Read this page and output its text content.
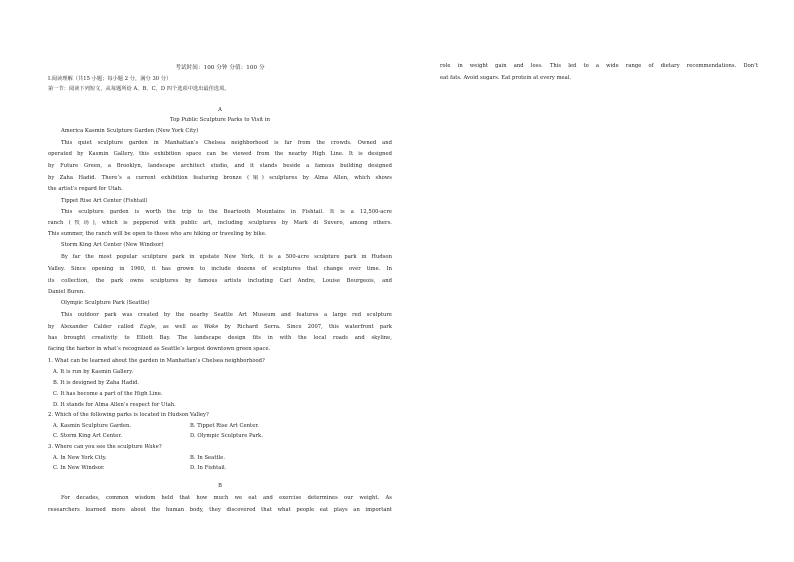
考试时间：100 分钟 分值：100 分
Ⅰ.阅读理解（共15 小题；每小题 2 分，满分 30 分）
第一节：阅读下列短文，从每题所给 A、B、C、D 四个选项中选出最佳选项。
A
Top Public Sculpture Parks to Visit in
America Kasmin Sculpture Garden (New York City)
This quiet sculpture garden in Manhattan’s Chelsea neighborhood is far from the crowds. Owned and
operated by Kasmin Gallery, this exhibition space can be viewed from the nearby High Line. It is designed
by Future Green, a Brooklyn, landscape architect studio, and it stands beside a famous building designed
by Zaha Hadid. There’s a current exhibition featuring bronze (铜) sculptures by Alma Allen, which shows
the artist’s regard for Utah.
Tippet Rise Art Center (Fishtail)
This sculpture garden is worth the trip to the Beartooth Mountains in Fishtail. It is a 12,500-acre
ranch (牧场), which is peppered with public art, including sculptures by Mark di Suvero, among others.
This summer, the ranch will be open to those who are hiking or traveling by bike.
Storm King Art Center (New Windsor)
By far the most popular sculpture park in upstate New York, it is a 500-acre sculpture park in Hudson
Valley. Since opening in 1960, it has grown to include dozens of sculptures that change over time. In
its collection, the park owns sculptures by famous artists including Carl Andre, Louise Bourgeois, and
Daniel Buren.
Olympic Sculpture Park (Seattle)
This outdoor park was created by the nearby Seattle Art Museum and features a large red sculpture
by Alexander Calder called Eagle, as well as Wake by Richard Serra. Since 2007, this waterfront park
has brought creativity to Elliott Bay. The landscape design fits in with the local roads and skyline,
facing the harbor in what’s recognized as Seattle’s largest downtown green space.
1. What can be learned about the garden in Manhattan’s Chelsea neighborhood?
A. It is run by Kasmin Gallery.
B. It is designed by Zaha Hadid.
C. It has become a part of the High Line.
D. It stands for Alma Allen’s respect for Utah.
2. Which of the following parks is located in Hudson Valley?
A. Kasmin Sculpture Garden.	B. Tippet Rise Art Center.
C. Storm King Art Center.	D. Olympic Sculpture Park.
3. Where can you see the sculpture Wake?
A. In New York City.	B. In Seattle.
C. In New Windsor.	D. In Fishtail.
B
For decades, common wisdom held that how much we eat and exercise determines our weight. As
researchers learned more about the human body, they discovered that what people eat plays an important
role in weight gain and loss. This led to a wide range of dietary recommendations. Don’t
eat fats. Avoid sugars. Eat protein at every meal.
